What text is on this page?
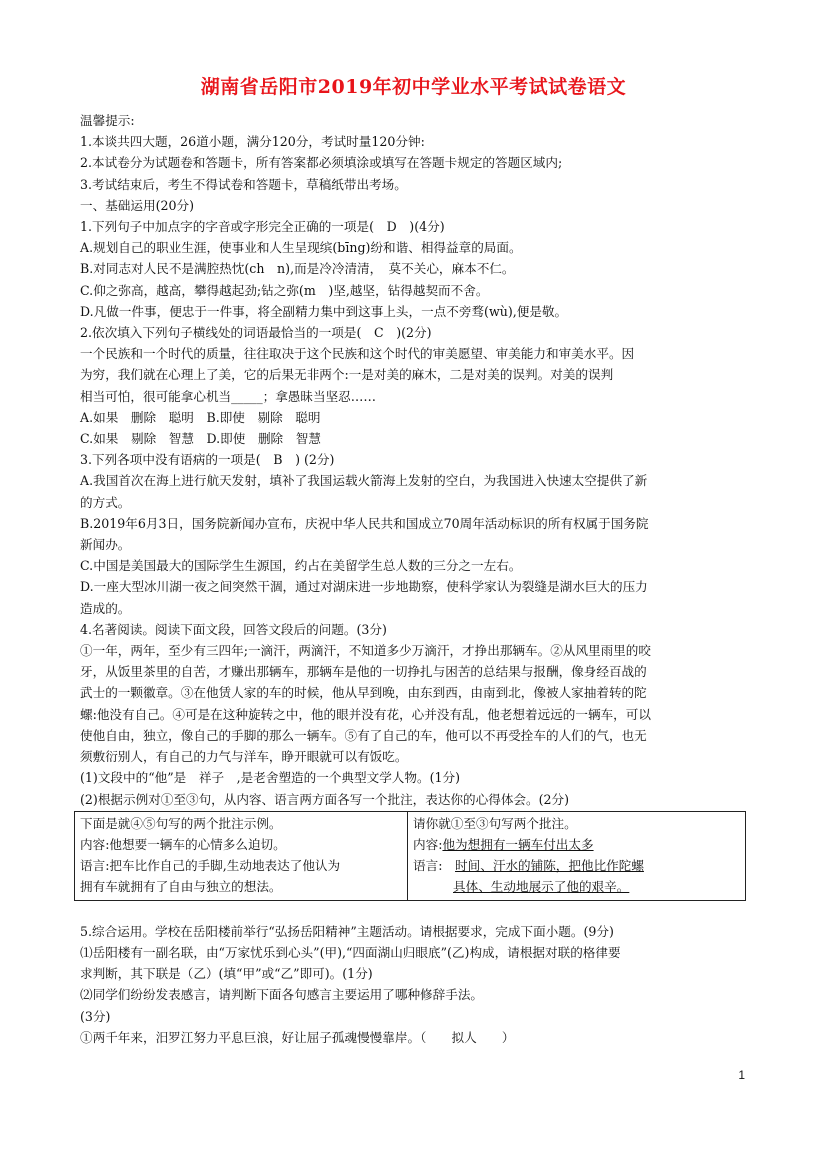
湖南省岳阳市2019年初中学业水平考试试卷语文
温馨提示:
1.本谈共四大题，26道小题，满分120分，考试时量120分钟:
2.本试卷分为试题卷和答题卡，所有答案都必须填涂或填写在答题卡规定的答题区域内;
3.考试结束后，考生不得试卷和答题卡，草稿纸带出考场。
一、基础运用(20分)
1.下列句子中加点字的字音或字形完全正确的一项是(　D　)(4分)
A.规划自己的职业生涯，使事业和人生呈现缤(bīng)纷和谐、相得益章的局面。
B.对同志对人民不是满腔热忱(ch　n),而是冷冷清清，　莫不关心，麻本不仁。
C.仰之弥高，越高，攀得越起劲;钻之弥(m　)坚,越坚，钻得越契而不舍。
D.凡做一件事，便忠于一件事，将全副精力集中到这事上头，一点不旁骛(wù),便是敬。
2.依次填入下列句子横线处的词语最恰当的一项是(　C　)(2分)
一个民族和一个时代的质量，往往取决于这个民族和这个时代的审美愿望、审美能力和审美水平。因
为穷，我们就在心理上了美，它的后果无非两个:一是对美的麻木，二是对美的误判。对美的误判
相当可怕，很可能拿心机当_____；拿愚昧当坚忍……
A.如果　删除　聪明　B.即使　剔除　聪明
C.如果　剔除　智慧　D.即使　删除　智慧
3.下列各项中没有语病的一项是(　B　) (2分)
A.我国首次在海上进行航天发射，填补了我国运载火箭海上发射的空白，为我国进入快速太空提供了新
的方式。
B.2019年6月3日，国务院新闻办宣布，庆祝中华人民共和国成立70周年活动标识的所有权属于国务院
新闻办。
C.中国是美国最大的国际学生生源国，约占在美留学生总人数的三分之一左右。
D.一座大型冰川湖一夜之间突然干涸，通过对湖床进一步地勘察，使科学家认为裂缝是湖水巨大的压力
造成的。
4.名著阅读。阅读下面文段，回答文段后的问题。(3分)
①一年，两年，至少有三四年;一滴汗，两滴汗，不知道多少万滴汗，才挣出那辆车。②从风里雨里的咬
牙，从饭里茶里的自苦，才赚出那辆车，那辆车是他的一切挣扎与困苦的总结果与报酬，像身经百战的
武士的一颗徽章。③在他赁人家的车的时候，他从早到晚，由东到西，由南到北，像被人家抽着转的陀
螺:他没有自己。④可是在这种旋转之中，他的眼并没有花，心并没有乱，他老想着远远的一辆车，可以
使他自由，独立，像自己的手脚的那么一辆车。⑤有了自己的车，他可以不再受拴车的人们的气，也无
须敷衍别人，有自己的力气与洋车，睁开眼就可以有饭吃。
(1)文段中的“他”是　祥子　,是老舍塑造的一个典型文学人物。(1分)
(2)根据示例对①至③句，从内容、语言两方面各写一个批注，表达你的心得体会。(2分)
下面是就④⑤句写的两个批注示例。
内容:他想要一辆车的心情多么迫切。
语言:把车比作自己的手脚,生动地表达了他认为
拥有车就拥有了自由与独立的想法。

请你就①至③句写两个批注。
内容:他为想拥有一辆车付出太多
语言:　 时间、汗水的铺陈，把他比作陀螺
具体、生动地展示了他的艰辛。
5.综合运用。学校在岳阳楼前举行“弘扬岳阳精神”主题活动。请根据要求，完成下面小题。(9分)
⑴岳阳楼有一副名联，由“万家忧乐到心头”(甲),“四面湖山归眼底”(乙)构成，请根据对联的格律要
求判断，其下联是（乙）(填“甲”或“乙”即可)。(1分)
⑵同学们纷纷发表感言，请判断下面各句感言主要运用了哪种修辞手法。
(3分)
①两千年来，汨罗江努力平息巨浪，好让屈子孤魂慢慢靠岸。（　　拟人　　）
1
